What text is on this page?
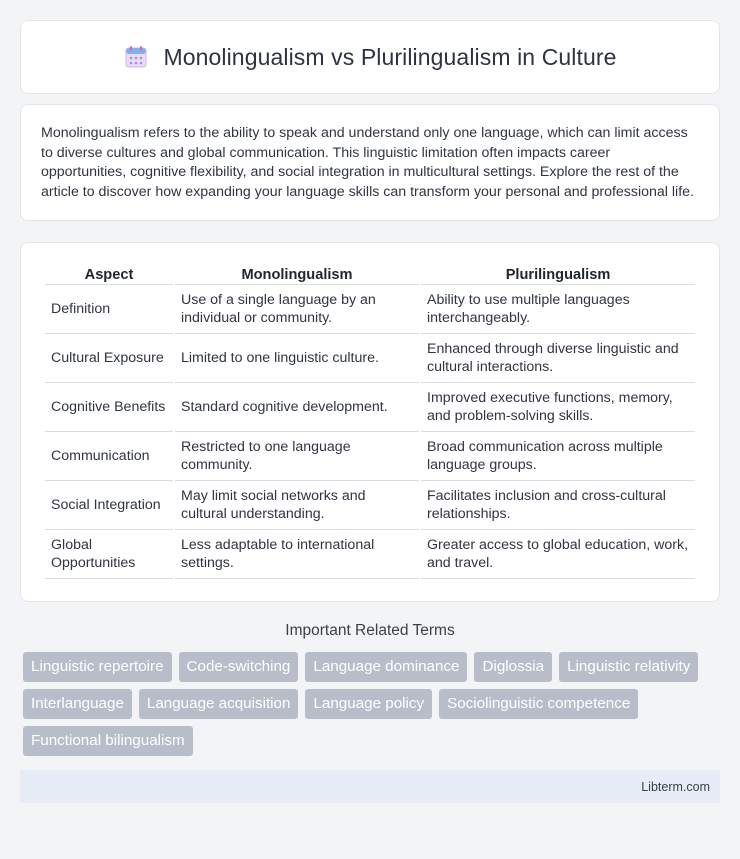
Monolingualism vs Plurilingualism in Culture

Monolingualism refers to the ability to speak and understand only one language, which can limit access to diverse cultures and global communication. This linguistic limitation often impacts career opportunities, cognitive flexibility, and social integration in multicultural settings. Explore the rest of the article to discover how expanding your language skills can transform your personal and professional life.

Aspect	Monolingualism	Plurilingualism
Definition	Use of a single language by an individual or community.	Ability to use multiple languages interchangeably.
Cultural Exposure	Limited to one linguistic culture.	Enhanced through diverse linguistic and cultural interactions.
Cognitive Benefits	Standard cognitive development.	Improved executive functions, memory, and problem-solving skills.
Communication	Restricted to one language community.	Broad communication across multiple language groups.
Social Integration	May limit social networks and cultural understanding.	Facilitates inclusion and cross-cultural relationships.
Global Opportunities	Less adaptable to international settings.	Greater access to global education, work, and travel.
Important Related Terms
Linguistic repertoire	Code-switching	Language dominance	Diglossia	Linguistic relativity
Interlanguage	Language acquisition	Language policy	Sociolinguistic competence
Functional bilingualism
Libterm.com
